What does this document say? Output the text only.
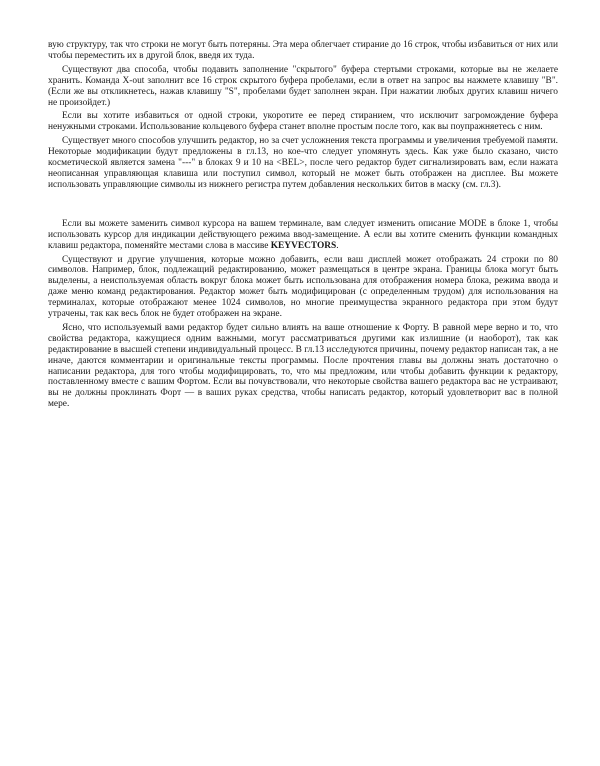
вую структуру, так что строки не могут быть потеряны. Эта мера облегчает стирание до 16 строк, чтобы избавиться от них или чтобы переместить их в другой блок, введя их туда.

Существуют два способа, чтобы подавить заполнение "скрытого" буфера стертыми строками, которые вы не желаете хранить. Команда X-out заполнит все 16 строк скрытого буфера пробелами, если в ответ на запрос вы нажмете клавишу "B". (Если же вы откликнетесь, нажав клавишу "S", пробелами будет заполнен экран. При нажатии любых других клавиш ничего не произойдет.)

Если вы хотите избавиться от одной строки, укоротите ее перед стиранием, что исключит загромождение буфера ненужными строками. Использование кольцевого буфера станет вполне простым после того, как вы поупражняетесь с ним.

Существует много способов улучшить редактор, но за счет усложнения текста программы и увеличения требуемой памяти. Некоторые модификации будут предложены в гл.13, но кое-что следует упомянуть здесь. Как уже было сказано, чисто косметической является замена "---" в блоках 9 и 10 на <BEL>, после чего редактор будет сигнализировать вам, если нажата неопиcанная управляющая клавиша или поступил символ, который не может быть отображен на дисплее. Вы можете использовать управляющие символы из нижнего регистра путем добавления нескольких битов в маску (см. гл.3).

Если вы можете заменить символ курсора на вашем терминале, вам следует изменить описание MODE в блоке 1, чтобы использовать курсор для индикации действующего режима ввод-замещение. А если вы хотите сменить функции командных клавиш редактора, поменяйте местами слова в массиве KEYVECTORS.

Существуют и другие улучшения, которые можно добавить, если ваш дисплей может отображать 24 строки по 80 символов. Например, блок, подлежащий редактированию, может размещаться в центре экрана. Границы блока могут быть выделены, а неиспользуемая область вокруг блока может быть использована для отображения номера блока, режима ввода и даже меню команд редактирования. Редактор может быть модифицирован (с определенным трудом) для использования на терминалах, которые отображают менее 1024 символов, но многие преимущества экранного редактора при этом будут утрачены, так как весь блок не будет отображен на экране.

Ясно, что используемый вами редактор будет сильно влиять на ваше отношение к Форту. В равной мере верно и то, что свойства редактора, кажущиеся одним важными, могут рассматриваться другими как излишние (и наоборот), так как редактирование в высшей степени индивидуальный процесс. В гл.13 исследуются причины, почему редактор написан так, а не иначе, даются комментарии и оригинальные тексты программы. После прочтения главы вы должны знать достаточно о написании редактора, для того чтобы модифицировать, то, что мы предложим, или чтобы добавить функции к редактору, поставленному вместе с вашим Фортом. Если вы почувствовали, что некоторые свойства вашего редактора вас не устраивают, вы не должны проклинать Форт — в ваших руках средства, чтобы написать редактор, который удовлетворит вас в полной мере.
